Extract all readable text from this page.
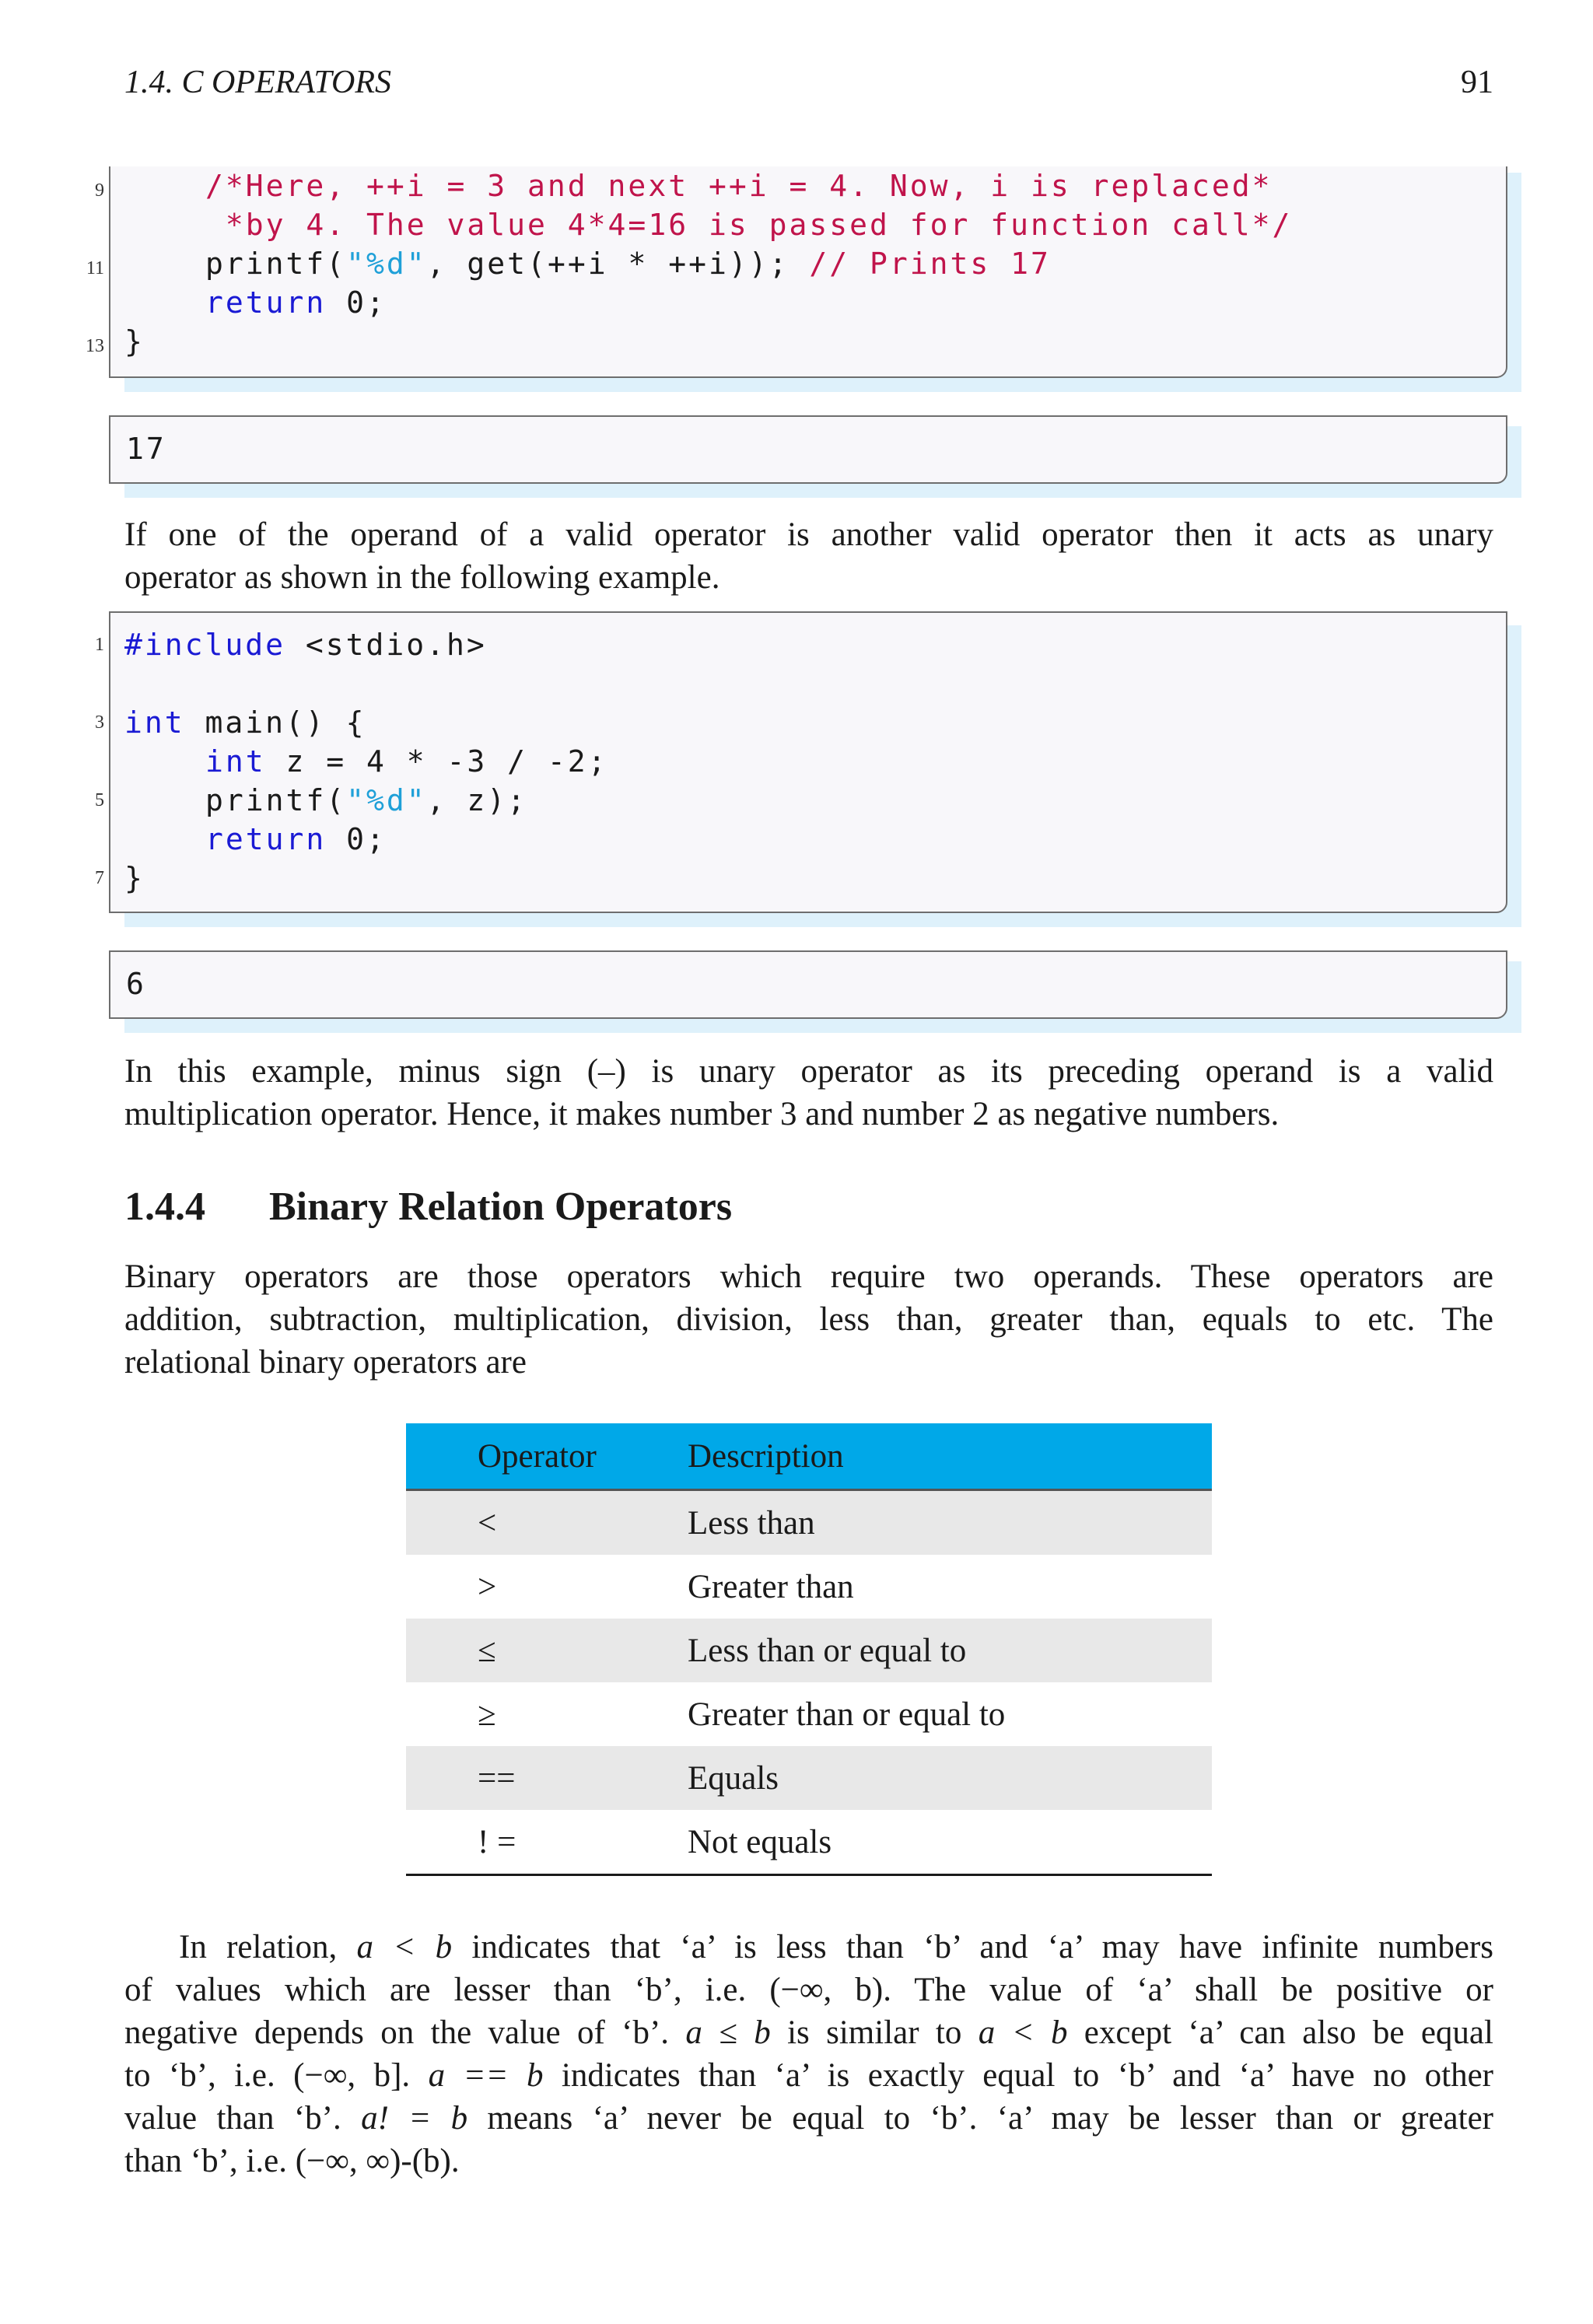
1.4. C OPERATORS	91
9
11
13
/*Here, ++i = 3 and next ++i = 4. Now, i is replaced*
*by 4. The value 4*4=16 is passed for function call*/
printf("%d", get(++i * ++i)); // Prints 17
return 0;
}
17
If one of the operand of a valid operator is another valid operator then it acts as unary
operator as shown in the following example.
1
3
5
7
#include <stdio.h>
int main() {
int z = 4 * -3 / -2;
printf("%d", z);
return 0;
}
6
In this example, minus sign (–) is unary operator as its preceding operand is a valid
multiplication operator. Hence, it makes number 3 and number 2 as negative numbers.
1.4.4 Binary Relation Operators
Binary operators are those operators which require two operands. These operators are
addition, subtraction, multiplication, division, less than, greater than, equals to etc. The
relational binary operators are
Operator	Description
<	Less than
>	Greater than
≤	Less than or equal to
≥	Greater than or equal to
==	Equals
! =	Not equals
In relation, a < b indicates that ‘a’ is less than ‘b’ and ‘a’ may have infinite numbers
of values which are lesser than ‘b’, i.e. (−∞, b). The value of ‘a’ shall be positive or
negative depends on the value of ‘b’. a ≤ b is similar to a < b except ‘a’ can also be equal
to ‘b’, i.e. (−∞, b]. a == b indicates than ‘a’ is exactly equal to ‘b’ and ‘a’ have no other
value than ‘b’. a! = b means ‘a’ never be equal to ‘b’. ‘a’ may be lesser than or greater
than ‘b’, i.e. (−∞, ∞)-(b).
